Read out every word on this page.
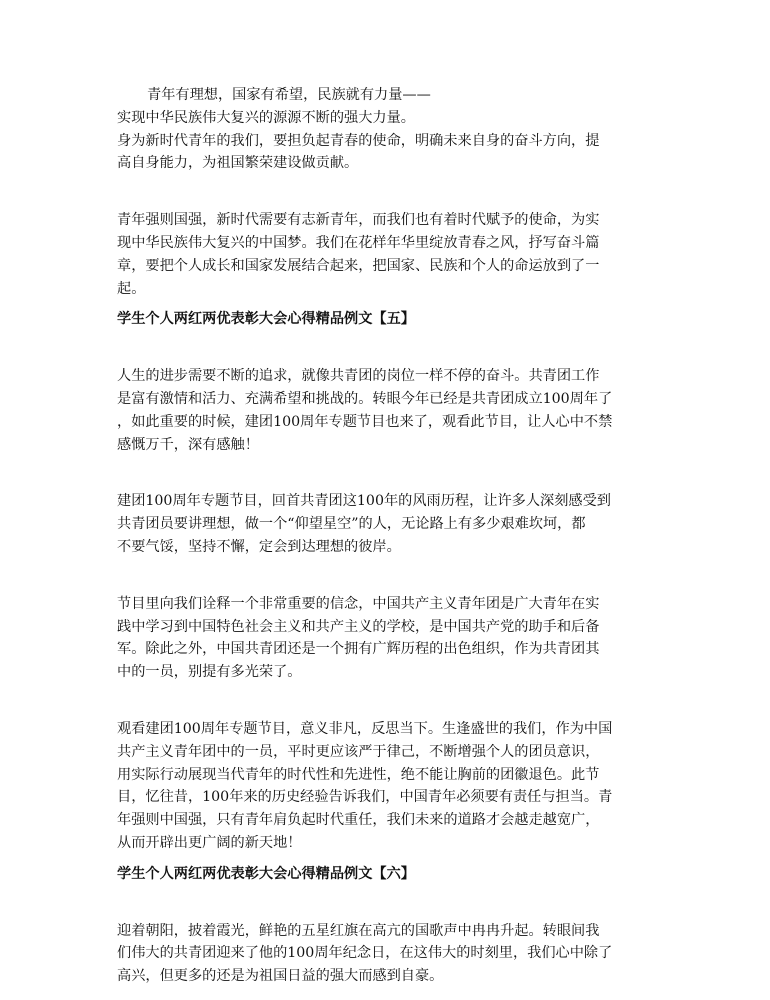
青年有理想，国家有希望，民族就有力量——
实现中华民族伟大复兴的源源不断的强大力量。
身为新时代青年的我们，要担负起青春的使命，明确未来自身的奋斗方向，提
高自身能力，为祖国繁荣建设做贡献。
青年强则国强，新时代需要有志新青年，而我们也有着时代赋予的使命，为实
现中华民族伟大复兴的中国梦。我们在花样年华里绽放青春之风，抒写奋斗篇
章，要把个人成长和国家发展结合起来，把国家、民族和个人的命运放到了一
起。
学生个人两红两优表彰大会心得精品例文【五】
人生的进步需要不断的追求，就像共青团的岗位一样不停的奋斗。共青团工作
是富有激情和活力、充满希望和挑战的。转眼今年已经是共青团成立100周年了
，如此重要的时候，建团100周年专题节目也来了，观看此节目，让人心中不禁
感慨万千，深有感触！
建团100周年专题节目，回首共青团这100年的风雨历程，让许多人深刻感受到
共青团员要讲理想，做一个“仰望星空”的人，无论路上有多少艰难坎坷，都
不要气馁，坚持不懈，定会到达理想的彼岸。
节目里向我们诠释一个非常重要的信念，中国共产主义青年团是广大青年在实
践中学习到中国特色社会主义和共产主义的学校，是中国共产党的助手和后备
军。除此之外，中国共青团还是一个拥有广辉历程的出色组织，作为共青团其
中的一员，别提有多光荣了。
观看建团100周年专题节目，意义非凡，反思当下。生逢盛世的我们，作为中国
共产主义青年团中的一员，平时更应该严于律己，不断增强个人的团员意识，
用实际行动展现当代青年的时代性和先进性，绝不能让胸前的团徽退色。此节
目，忆往昔，100年来的历史经验告诉我们，中国青年必须要有责任与担当。青
年强则中国强，只有青年肩负起时代重任，我们未来的道路才会越走越宽广，
从而开辟出更广阔的新天地！
学生个人两红两优表彰大会心得精品例文【六】
迎着朝阳，披着霞光，鲜艳的五星红旗在高亢的国歌声中冉冉升起。转眼间我
们伟大的共青团迎来了他的100周年纪念日，在这伟大的时刻里，我们心中除了
高兴，但更多的还是为祖国日益的强大而感到自豪。
